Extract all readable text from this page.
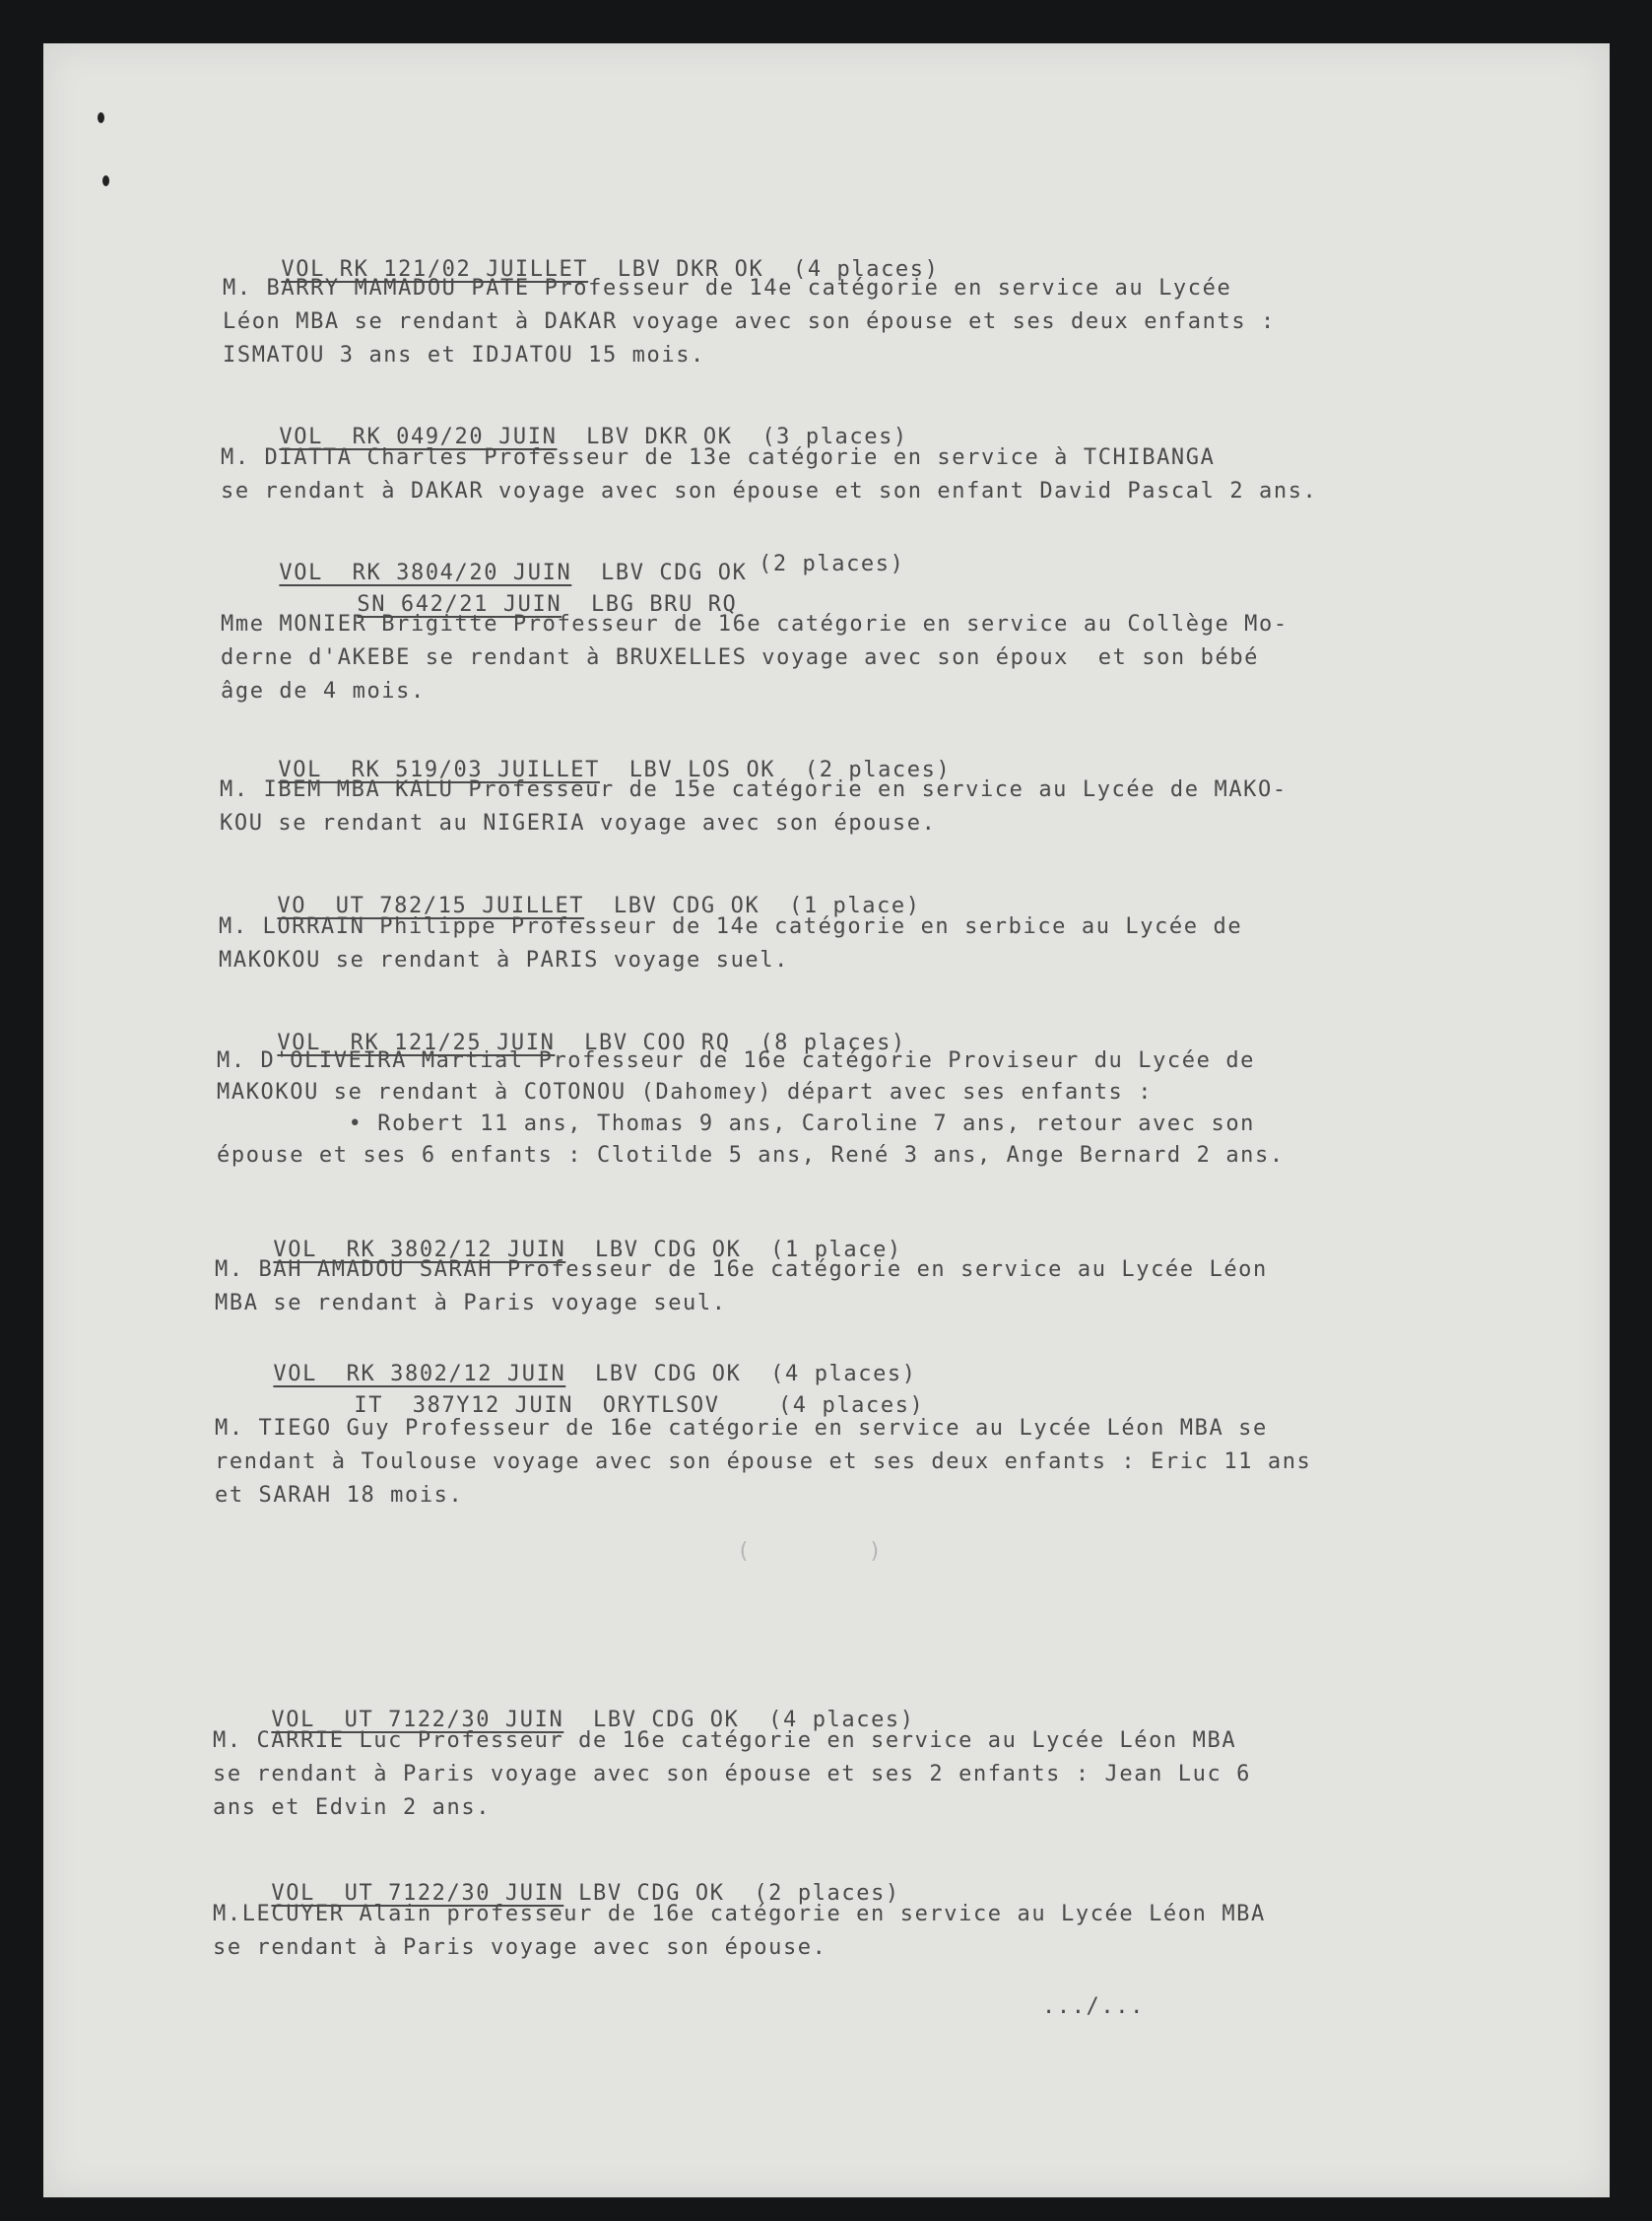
VOL RK 121/02 JUILLET LBV DKR OK (4 places)

M. BARRY MAMADOU PATE Professeur de 14e catégorie en service au Lycée
Léon MBA se rendant à DAKAR voyage avec son épouse et ses deux enfants :
ISMATOU 3 ans et IDJATOU 15 mois.

VOL  RK 049/20 JUIN LBV DKR OK (3 places)

M. DIATTA Charles Professeur de 13e catégorie en service à TCHIBANGA
se rendant à DAKAR voyage avec son épouse et son enfant David Pascal 2 ans.

VOL  RK 3804/20 JUIN LBV CDG OK

SN 642/21 JUIN LBG BRU RQ

(2 places)
Mme MONIER Brigitte Professeur de 16e catégorie en service au Collège Mo-
derne d'AKEBE se rendant à BRUXELLES voyage avec son époux  et son bébé
âge de 4 mois.

VOL  RK 519/03 JUILLET LBV LOS OK (2 places)

M. IBEM MBA KALU Professeur de 15e catégorie en service au Lycée de MAKO-
KOU se rendant au NIGERIA voyage avec son épouse.

VO  UT 782/15 JUILLET LBV CDG OK (1 place)

M. LORRAIN Philippe Professeur de 14e catégorie en serbice au Lycée de
MAKOKOU se rendant à PARIS voyage suel.

VOL  RK 121/25 JUIN LBV COO RQ (8 places)

M. D'OLIVEIRA Martial Professeur de 16e catégorie Proviseur du Lycée de
MAKOKOU se rendant à COTONOU (Dahomey) départ avec ses enfants :
• Robert 11 ans, Thomas 9 ans, Caroline 7 ans, retour avec son
épouse et ses 6 enfants : Clotilde 5 ans, René 3 ans, Ange Bernard 2 ans.

VOL  RK 3802/12 JUIN LBV CDG OK (1 place)

M. BAH AMADOU SARAH Professeur de 16e catégorie en service au Lycée Léon
MBA se rendant à Paris voyage seul.

VOL  RK 3802/12 JUIN LBV CDG OK (4 places)

IT  387Y12 JUIN ORYTLSOV	(4 places)

M. TIEGO Guy Professeur de 16e catégorie en service au Lycée Léon MBA se
rendant à Toulouse voyage avec son épouse et ses deux enfants : Eric 11 ans
et SARAH 18 mois.
(        )

VOL  UT 7122/30 JUIN LBV CDG OK (4 places)

M. CARRIE Luc Professeur de 16e catégorie en service au Lycée Léon MBA
se rendant à Paris voyage avec son épouse et ses 2 enfants : Jean Luc 6
ans et Edvin 2 ans.

VOL  UT 7122/30 JUIN LBV CDG OK (2 places)

M.LECUYER Alain professeur de 16e catégorie en service au Lycée Léon MBA
se rendant à Paris voyage avec son épouse.
.../...
